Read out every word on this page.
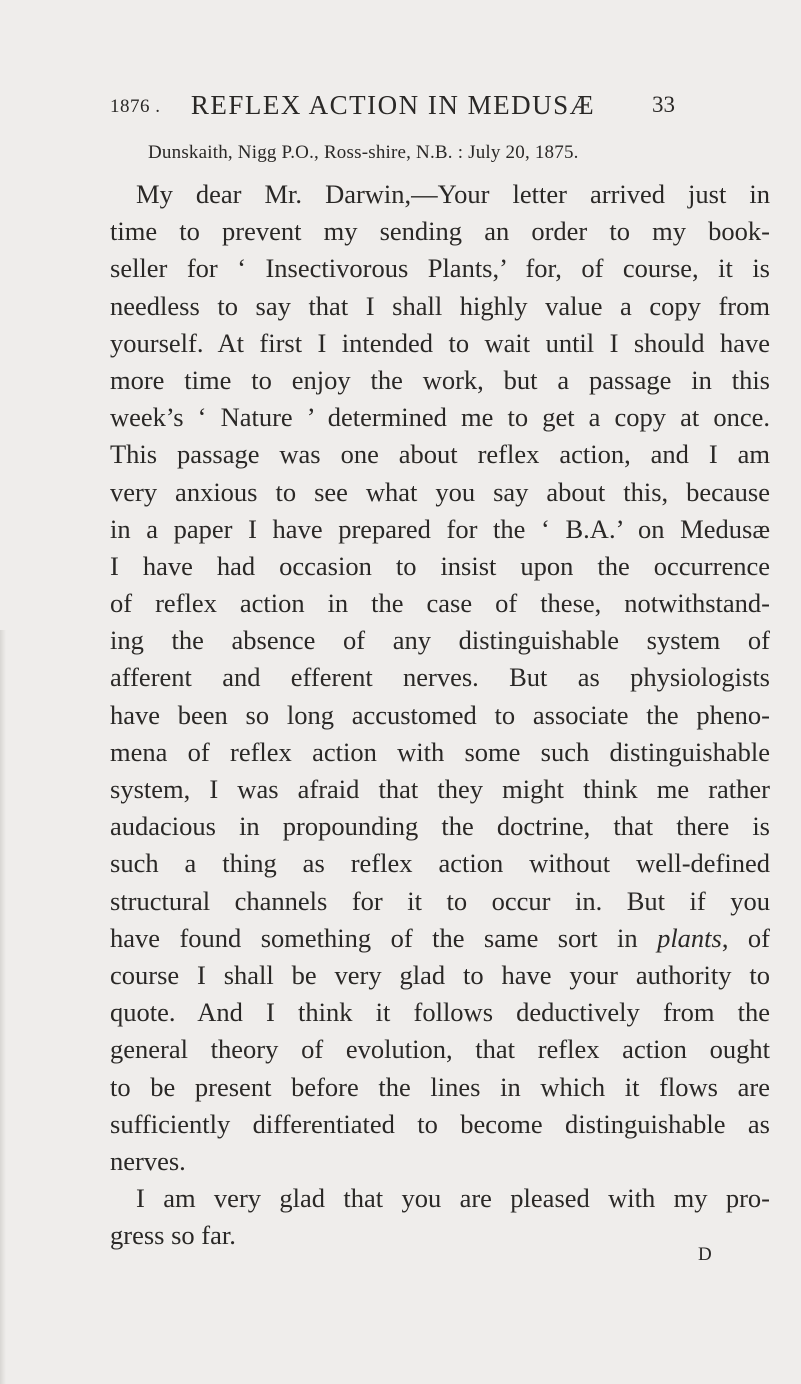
1876 .	REFLEX ACTION IN MEDUSÆ	33
Dunskaith, Nigg P.O., Ross-shire, N.B. : July 20, 1875.
My dear Mr. Darwin,—Your letter arrived just in
time to prevent my sending an order to my book-
seller for ‘ Insectivorous Plants,’ for, of course, it is
needless to say that I shall highly value a copy from
yourself. At first I intended to wait until I should have
more time to enjoy the work, but a passage in this
week’s ‘ Nature ’ determined me to get a copy at once.
This passage was one about reflex action, and I am
very anxious to see what you say about this, because
in a paper I have prepared for the ‘ B.A.’ on Medusæ
I have had occasion to insist upon the occurrence
of reflex action in the case of these, notwithstand-
ing the absence of any distinguishable system of
afferent and efferent nerves. But as physiologists
have been so long accustomed to associate the pheno-
mena of reflex action with some such distinguishable
system, I was afraid that they might think me rather
audacious in propounding the doctrine, that there is
such a thing as reflex action without well-defined
structural channels for it to occur in. But if you
have found something of the same sort in plants, of
course I shall be very glad to have your authority to
quote. And I think it follows deductively from the
general theory of evolution, that reflex action ought
to be present before the lines in which it flows are
sufficiently differentiated to become distinguishable as
nerves.
I am very glad that you are pleased with my pro-
gress so far.
D
